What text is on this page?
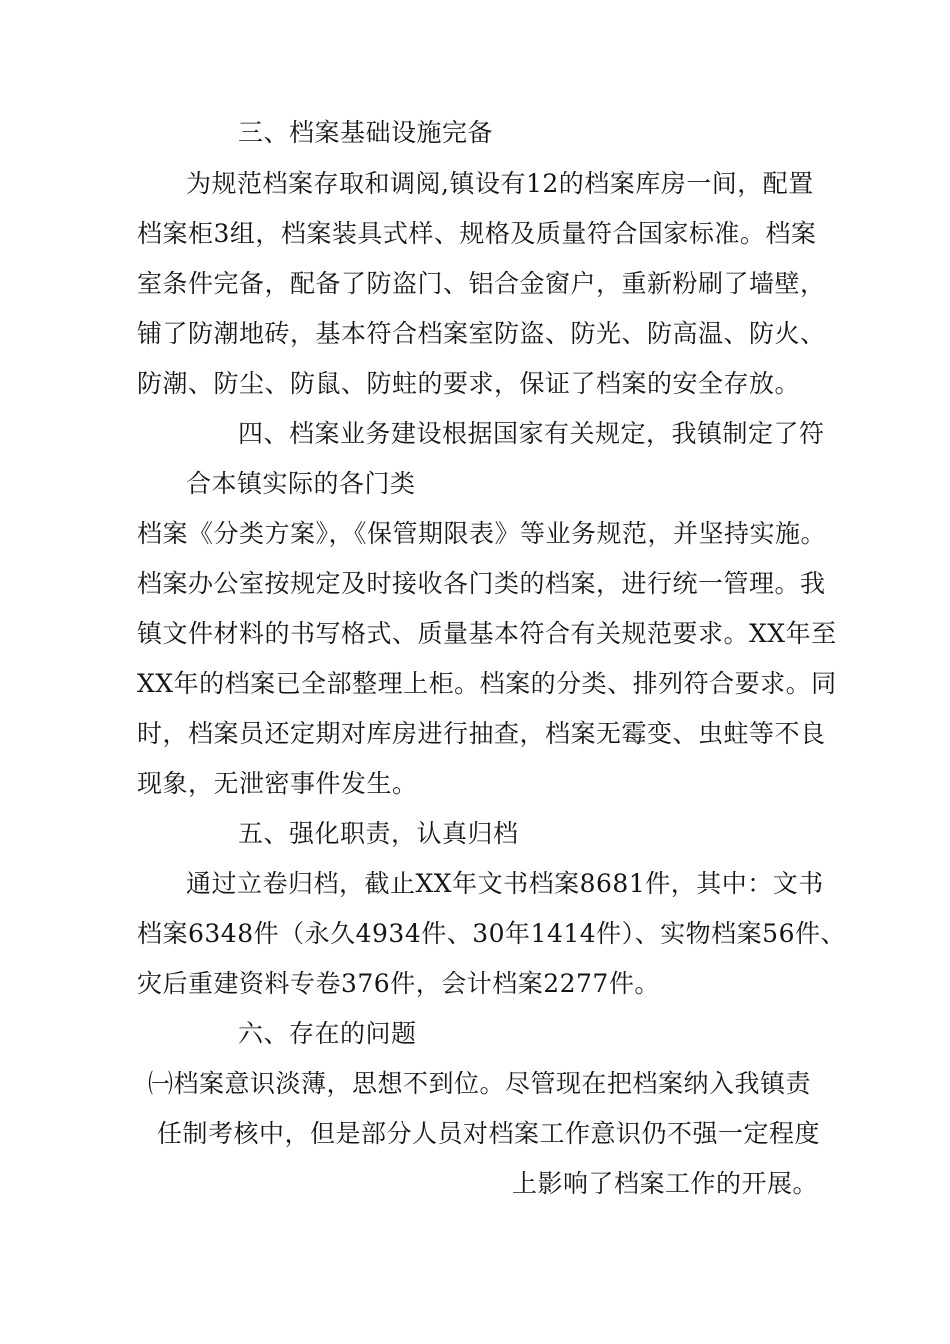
三、档案基础设施完备

为规范档案存取和调阅,镇设有12的档案库房一间，配置

档案柜3组，档案装具式样、规格及质量符合国家标准。档案

室条件完备，配备了防盗门、铝合金窗户，重新粉刷了墙壁，

铺了防潮地砖，基本符合档案室防盗、防光、防高温、防火、

防潮、防尘、防鼠、防蛀的要求，保证了档案的安全存放。

四、档案业务建设根据国家有关规定，我镇制定了符

合本镇实际的各门类

档案《分类方案》，《保管期限表》等业务规范，并坚持实施。

档案办公室按规定及时接收各门类的档案，进行统一管理。我

镇文件材料的书写格式、质量基本符合有关规范要求。XX年至

XX年的档案已全部整理上柜。档案的分类、排列符合要求。同

时，档案员还定期对库房进行抽查，档案无霉变、虫蛀等不良

现象，无泄密事件发生。

五、强化职责，认真归档

通过立卷归档，截止XX年文书档案8681件，其中：文书

档案6348件（永久4934件、30年1414件）、实物档案56件、

灾后重建资料专卷376件，会计档案2277件。

六、存在的问题

㈠档案意识淡薄，思想不到位。尽管现在把档案纳入我镇责

任制考核中，但是部分人员对档案工作意识仍不强一定程度

上影响了档案工作的开展。
